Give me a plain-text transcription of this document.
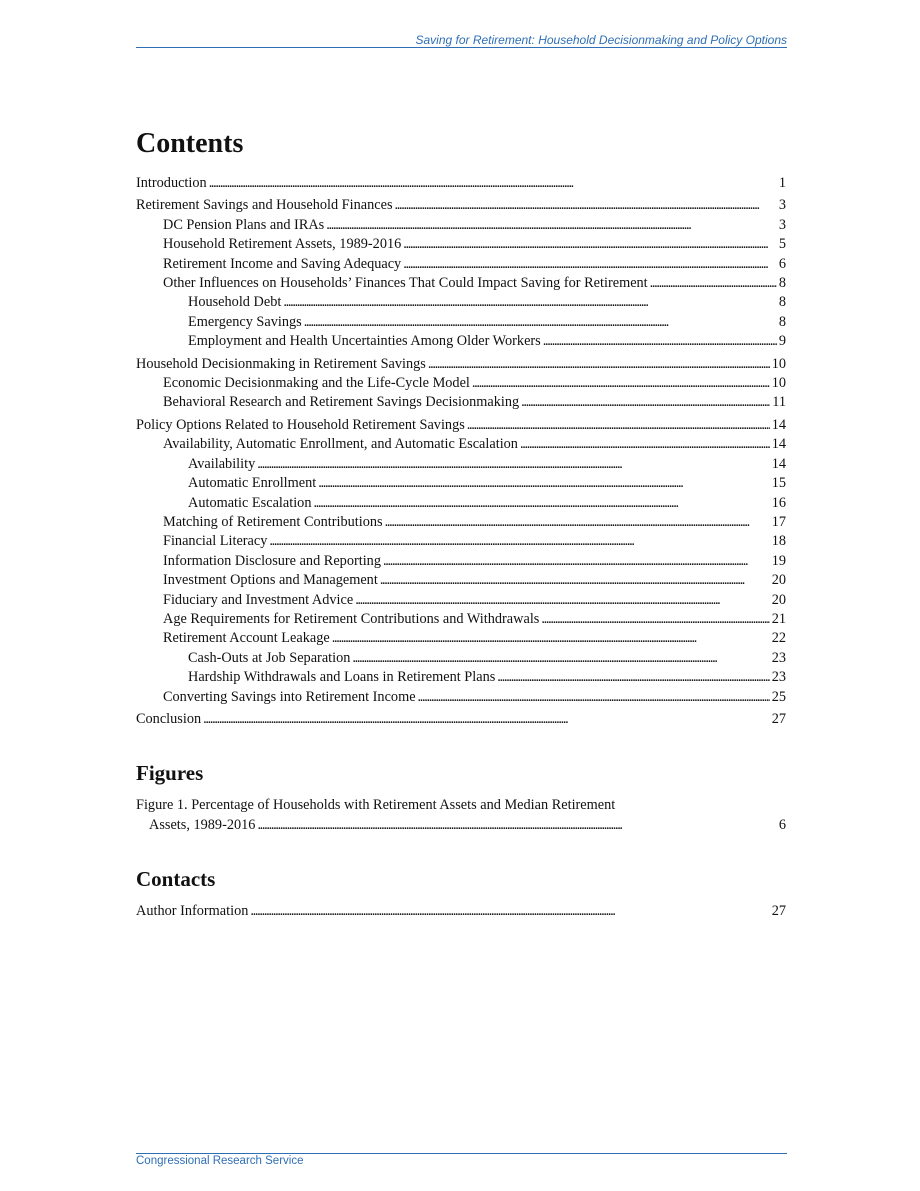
Saving for Retirement: Household Decisionmaking and Policy Options
Contents
Introduction . . .	1
Retirement Savings and Household Finances . . .	3
DC Pension Plans and IRAs . . .	3
Household Retirement Assets, 1989-2016 . . .	5
Retirement Income and Saving Adequacy . . .	6
Other Influences on Households’ Finances That Could Impact Saving for Retirement . . .	8
Household Debt . . .	8
Emergency Savings . . .	8
Employment and Health Uncertainties Among Older Workers . . .	9
Household Decisionmaking in Retirement Savings . . .	10
Economic Decisionmaking and the Life-Cycle Model . . .	10
Behavioral Research and Retirement Savings Decisionmaking . . .	11
Policy Options Related to Household Retirement Savings . . .	14
Availability, Automatic Enrollment, and Automatic Escalation . . .	14
Availability . . .	14
Automatic Enrollment . . .	15
Automatic Escalation . . .	16
Matching of Retirement Contributions . . .	17
Financial Literacy . . .	18
Information Disclosure and Reporting . . .	19
Investment Options and Management . . .	20
Fiduciary and Investment Advice . . .	20
Age Requirements for Retirement Contributions and Withdrawals . . .	21
Retirement Account Leakage . . .	22
Cash-Outs at Job Separation . . .	23
Hardship Withdrawals and Loans in Retirement Plans . . .	23
Converting Savings into Retirement Income . . .	25
Conclusion . . .	27
Figures
Figure 1. Percentage of Households with Retirement Assets and Median Retirement
Assets, 1989-2016 . . .	6
Contacts
Author Information . . .	27
Congressional Research Service
